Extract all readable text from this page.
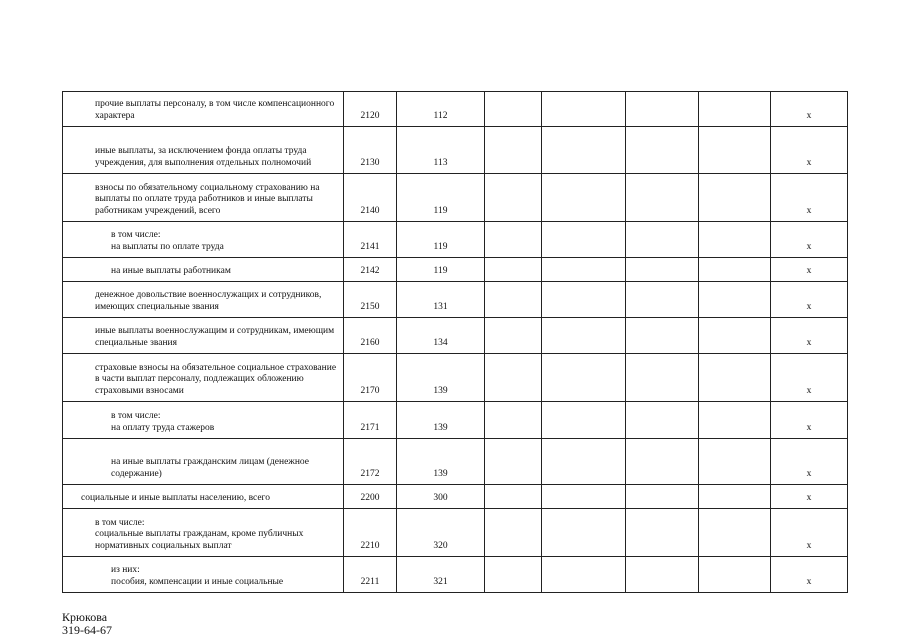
прочие выплаты персоналу, в том числе компенсационного характера	2120	112					х

иные выплаты, за исключением фонда оплаты труда учреждения, для выполнения отдельных полномочий	2130	113					х

взносы по обязательному социальному страхованию на выплаты по оплате труда работников и иные выплаты работникам учреждений, всего	2140	119					х

в том числе:
на выплаты по оплате труда	2141	119					х

на иные выплаты работникам	2142	119					х

денежное довольствие военнослужащих и сотрудников, имеющих специальные звания	2150	131					х

иные выплаты военнослужащим и сотрудникам, имеющим специальные звания	2160	134					х

страховые взносы на обязательное социальное страхование в части выплат персоналу, подлежащих обложению страховыми взносами	2170	139					х

в том числе:
на оплату труда стажеров	2171	139					х

на иные выплаты гражданским лицам (денежное содержание)	2172	139					х

социальные и иные выплаты населению, всего	2200	300					х

в том числе:
социальные выплаты гражданам, кроме публичных нормативных социальных выплат	2210	320					х

из них:
пособия, компенсации и иные социальные	2211	321					х
Крюкова
319-64-67
